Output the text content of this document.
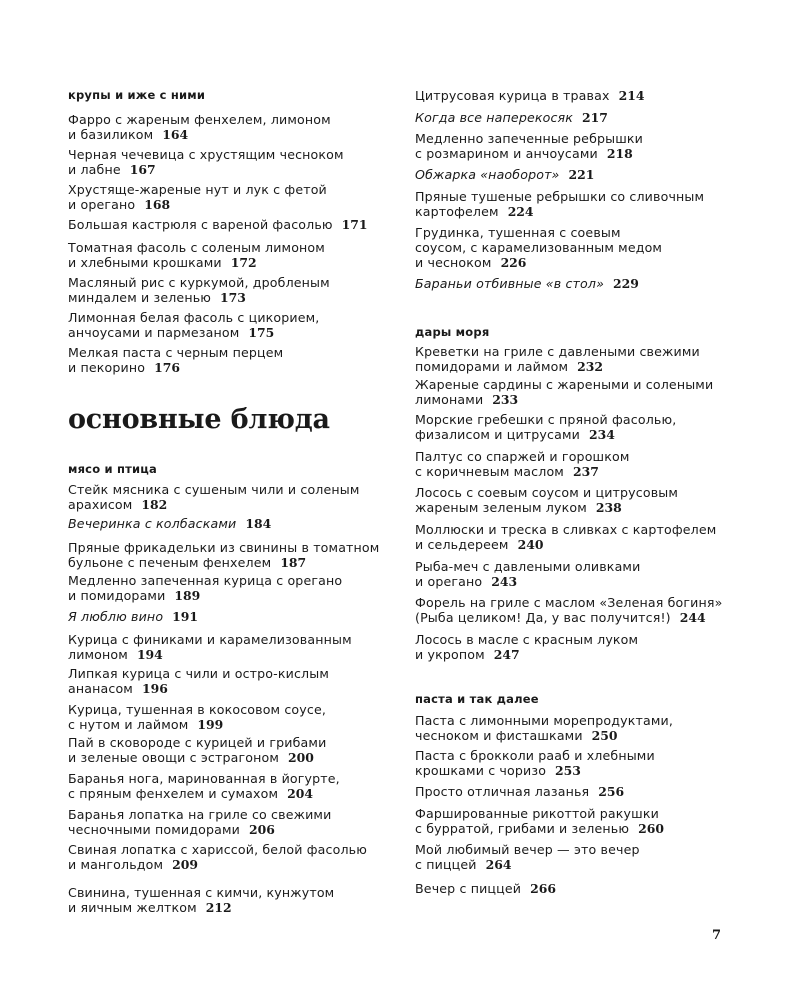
крупы и иже с ними
Фарро с жареным фенхелем, лимоном
и базиликом 164
Черная чечевица с хрустящим чесноком
и лабне 167
Хрустяще-жареные нут и лук с фетой
и орегано 168
Большая кастрюля с вареной фасолью 171
Томатная фасоль с соленым лимоном
и хлебными крошками 172
Масляный рис с куркумой, дробленым
миндалем и зеленью 173
Лимонная белая фасоль с цикорием,
анчоусами и пармезаном 175
Мелкая паста с черным перцем
и пекорино 176
основные блюда
мясо и птица
Стейк мясника с сушеным чили и соленым
арахисом 182
Вечеринка с колбасками 184
Пряные фрикадельки из свинины в томатном
бульоне с печеным фенхелем 187
Медленно запеченная курица с орегано
и помидорами 189
Я люблю вино 191
Курица с финиками и карамелизованным
лимоном 194
Липкая курица с чили и остро-кислым
ананасом 196
Курица, тушенная в кокосовом соусе,
с нутом и лаймом 199
Пай в сковороде с курицей и грибами
и зеленые овощи с эстрагоном 200
Баранья нога, маринованная в йогурте,
с пряным фенхелем и сумахом 204
Баранья лопатка на гриле со свежими
чесночными помидорами 206
Свиная лопатка с хариссой, белой фасолью
и мангольдом 209
Свинина, тушенная с кимчи, кунжутом
и яичным желтком 212
Цитрусовая курица в травах 214
Когда все наперекосяк 217
Медленно запеченные ребрышки
с розмарином и анчоусами 218
Обжарка «наоборот» 221
Пряные тушеные ребрышки со сливочным
картофелем 224
Грудинка, тушенная с соевым
соусом, с карамелизованным медом
и чесноком 226
Бараньи отбивные «в стол» 229
дары моря
Креветки на гриле с давлеными свежими
помидорами и лаймом 232
Жареные сардины с жареными и солеными
лимонами 233
Морские гребешки с пряной фасолью,
физалисом и цитрусами 234
Палтус со спаржей и горошком
с коричневым маслом 237
Лосось с соевым соусом и цитрусовым
жареным зеленым луком 238
Моллюски и треска в сливках с картофелем
и сельдереем 240
Рыба-меч с давлеными оливками
и орегано 243
Форель на гриле с маслом «Зеленая богиня»
(Рыба целиком! Да, у вас получится!) 244
Лосось в масле с красным луком
и укропом 247
паста и так далее
Паста с лимонными морепродуктами,
чесноком и фисташками 250
Паста с брокколи рааб и хлебными
крошками с чоризо 253
Просто отличная лазанья 256
Фаршированные рикоттой ракушки
с бурратой, грибами и зеленью 260
Мой любимый вечер — это вечер
с пиццей 264
Вечер с пиццей 266
7
